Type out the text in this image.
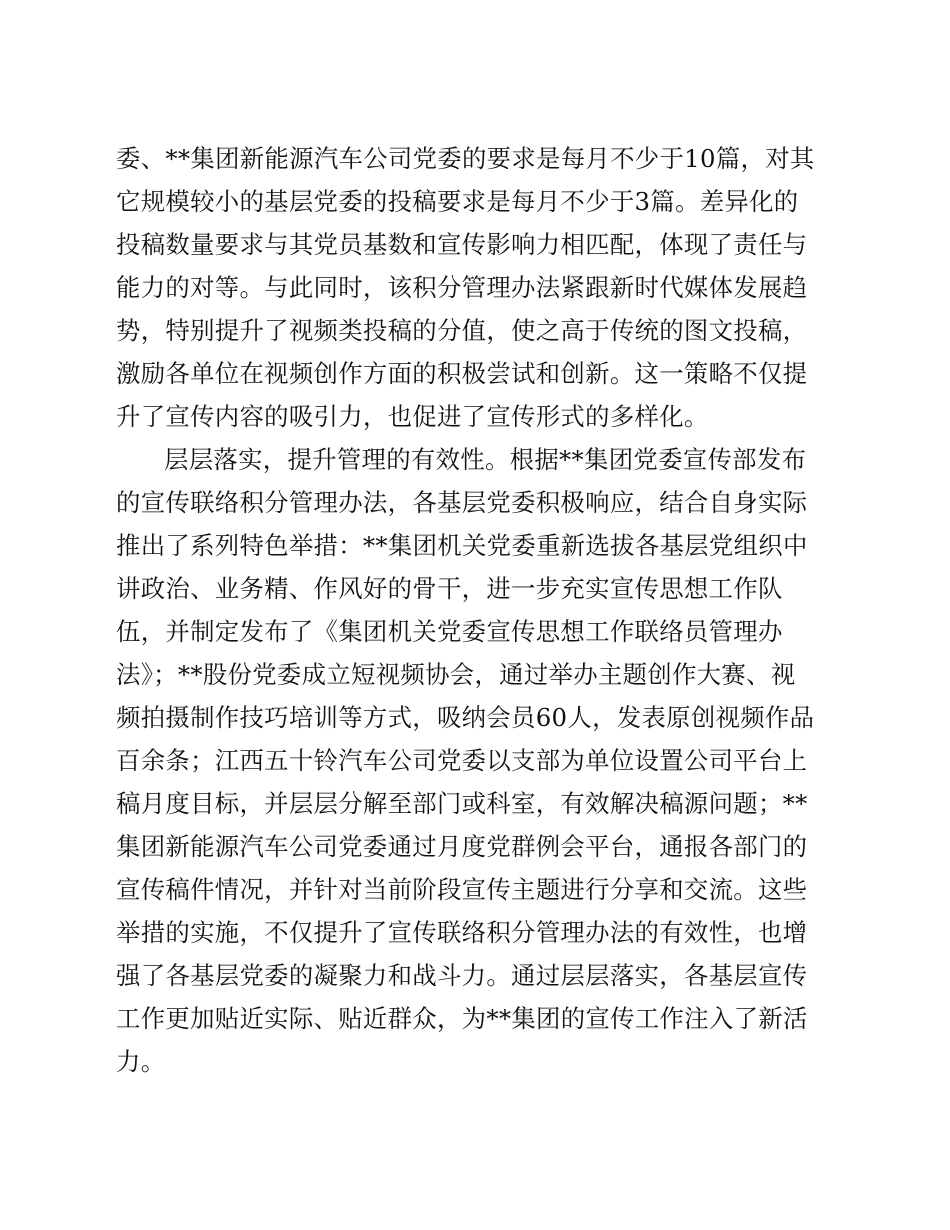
委、**集团新能源汽车公司党委的要求是每月不少于10篇，对其
它规模较小的基层党委的投稿要求是每月不少于3篇。差异化的
投稿数量要求与其党员基数和宣传影响力相匹配，体现了责任与
能力的对等。与此同时，该积分管理办法紧跟新时代媒体发展趋
势，特别提升了视频类投稿的分值，使之高于传统的图文投稿，
激励各单位在视频创作方面的积极尝试和创新。这一策略不仅提
升了宣传内容的吸引力，也促进了宣传形式的多样化。
层层落实，提升管理的有效性。根据**集团党委宣传部发布
的宣传联络积分管理办法，各基层党委积极响应，结合自身实际
推出了系列特色举措：**集团机关党委重新选拔各基层党组织中
讲政治、业务精、作风好的骨干，进一步充实宣传思想工作队
伍，并制定发布了《集团机关党委宣传思想工作联络员管理办
法》；**股份党委成立短视频协会，通过举办主题创作大赛、视
频拍摄制作技巧培训等方式，吸纳会员60人，发表原创视频作品
百余条；江西五十铃汽车公司党委以支部为单位设置公司平台上
稿月度目标，并层层分解至部门或科室，有效解决稿源问题；**
集团新能源汽车公司党委通过月度党群例会平台，通报各部门的
宣传稿件情况，并针对当前阶段宣传主题进行分享和交流。这些
举措的实施，不仅提升了宣传联络积分管理办法的有效性，也增
强了各基层党委的凝聚力和战斗力。通过层层落实，各基层宣传
工作更加贴近实际、贴近群众，为**集团的宣传工作注入了新活
力。
